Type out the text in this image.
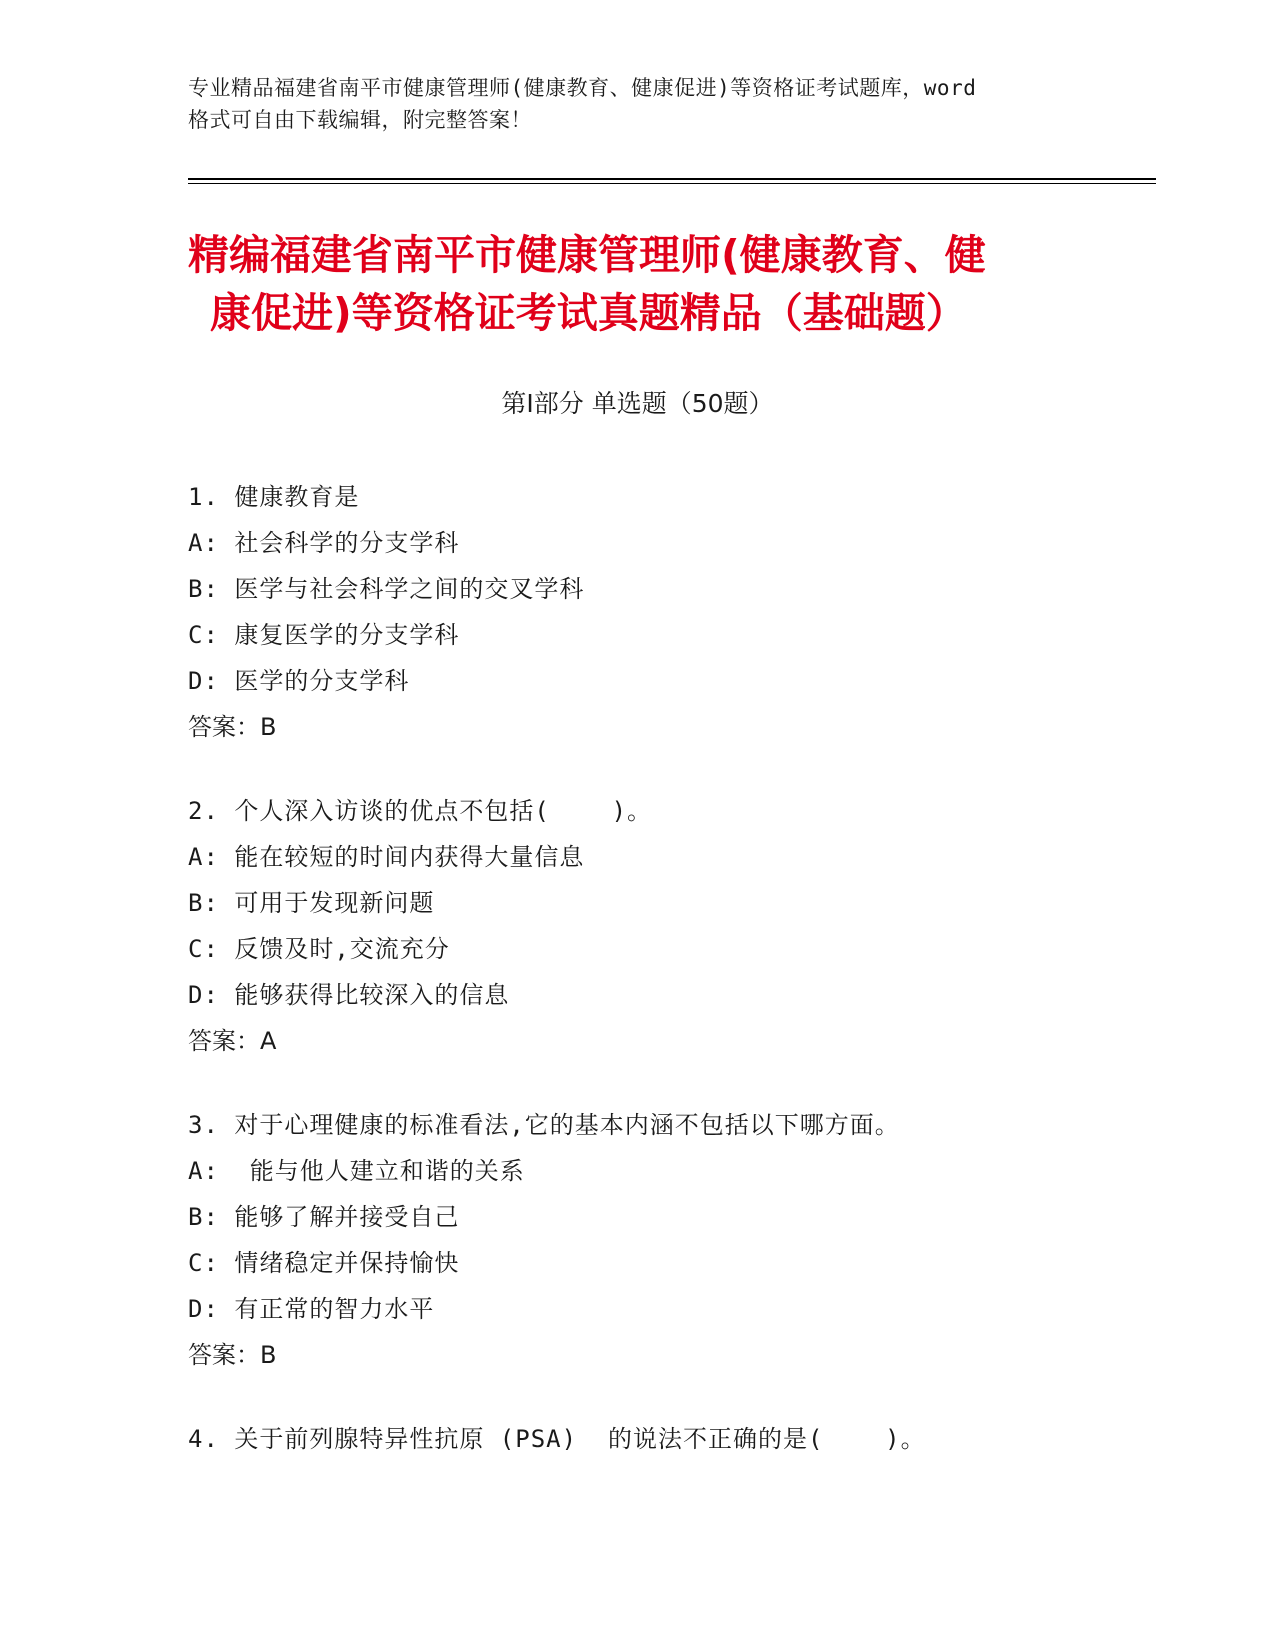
专业精品福建省南平市健康管理师(健康教育、健康促进)等资格证考试题库，word
格式可自由下载编辑，附完整答案！
精编福建省南平市健康管理师(健康教育、健
康促进)等资格证考试真题精品（基础题）
第Ⅰ部分 单选题（50题）
1. 健康教育是
A: 社会科学的分支学科
B: 医学与社会科学之间的交叉学科
C: 康复医学的分支学科
D: 医学的分支学科
答案：B
2. 个人深入访谈的优点不包括(    )。
A: 能在较短的时间内获得大量信息
B: 可用于发现新问题
C: 反馈及时,交流充分
D: 能够获得比较深入的信息
答案：A
3. 对于心理健康的标准看法,它的基本内涵不包括以下哪方面。
A:  能与他人建立和谐的关系
B: 能够了解并接受自己
C: 情绪稳定并保持愉快
D: 有正常的智力水平
答案：B
4. 关于前列腺特异性抗原 (PSA)  的说法不正确的是(    )。
